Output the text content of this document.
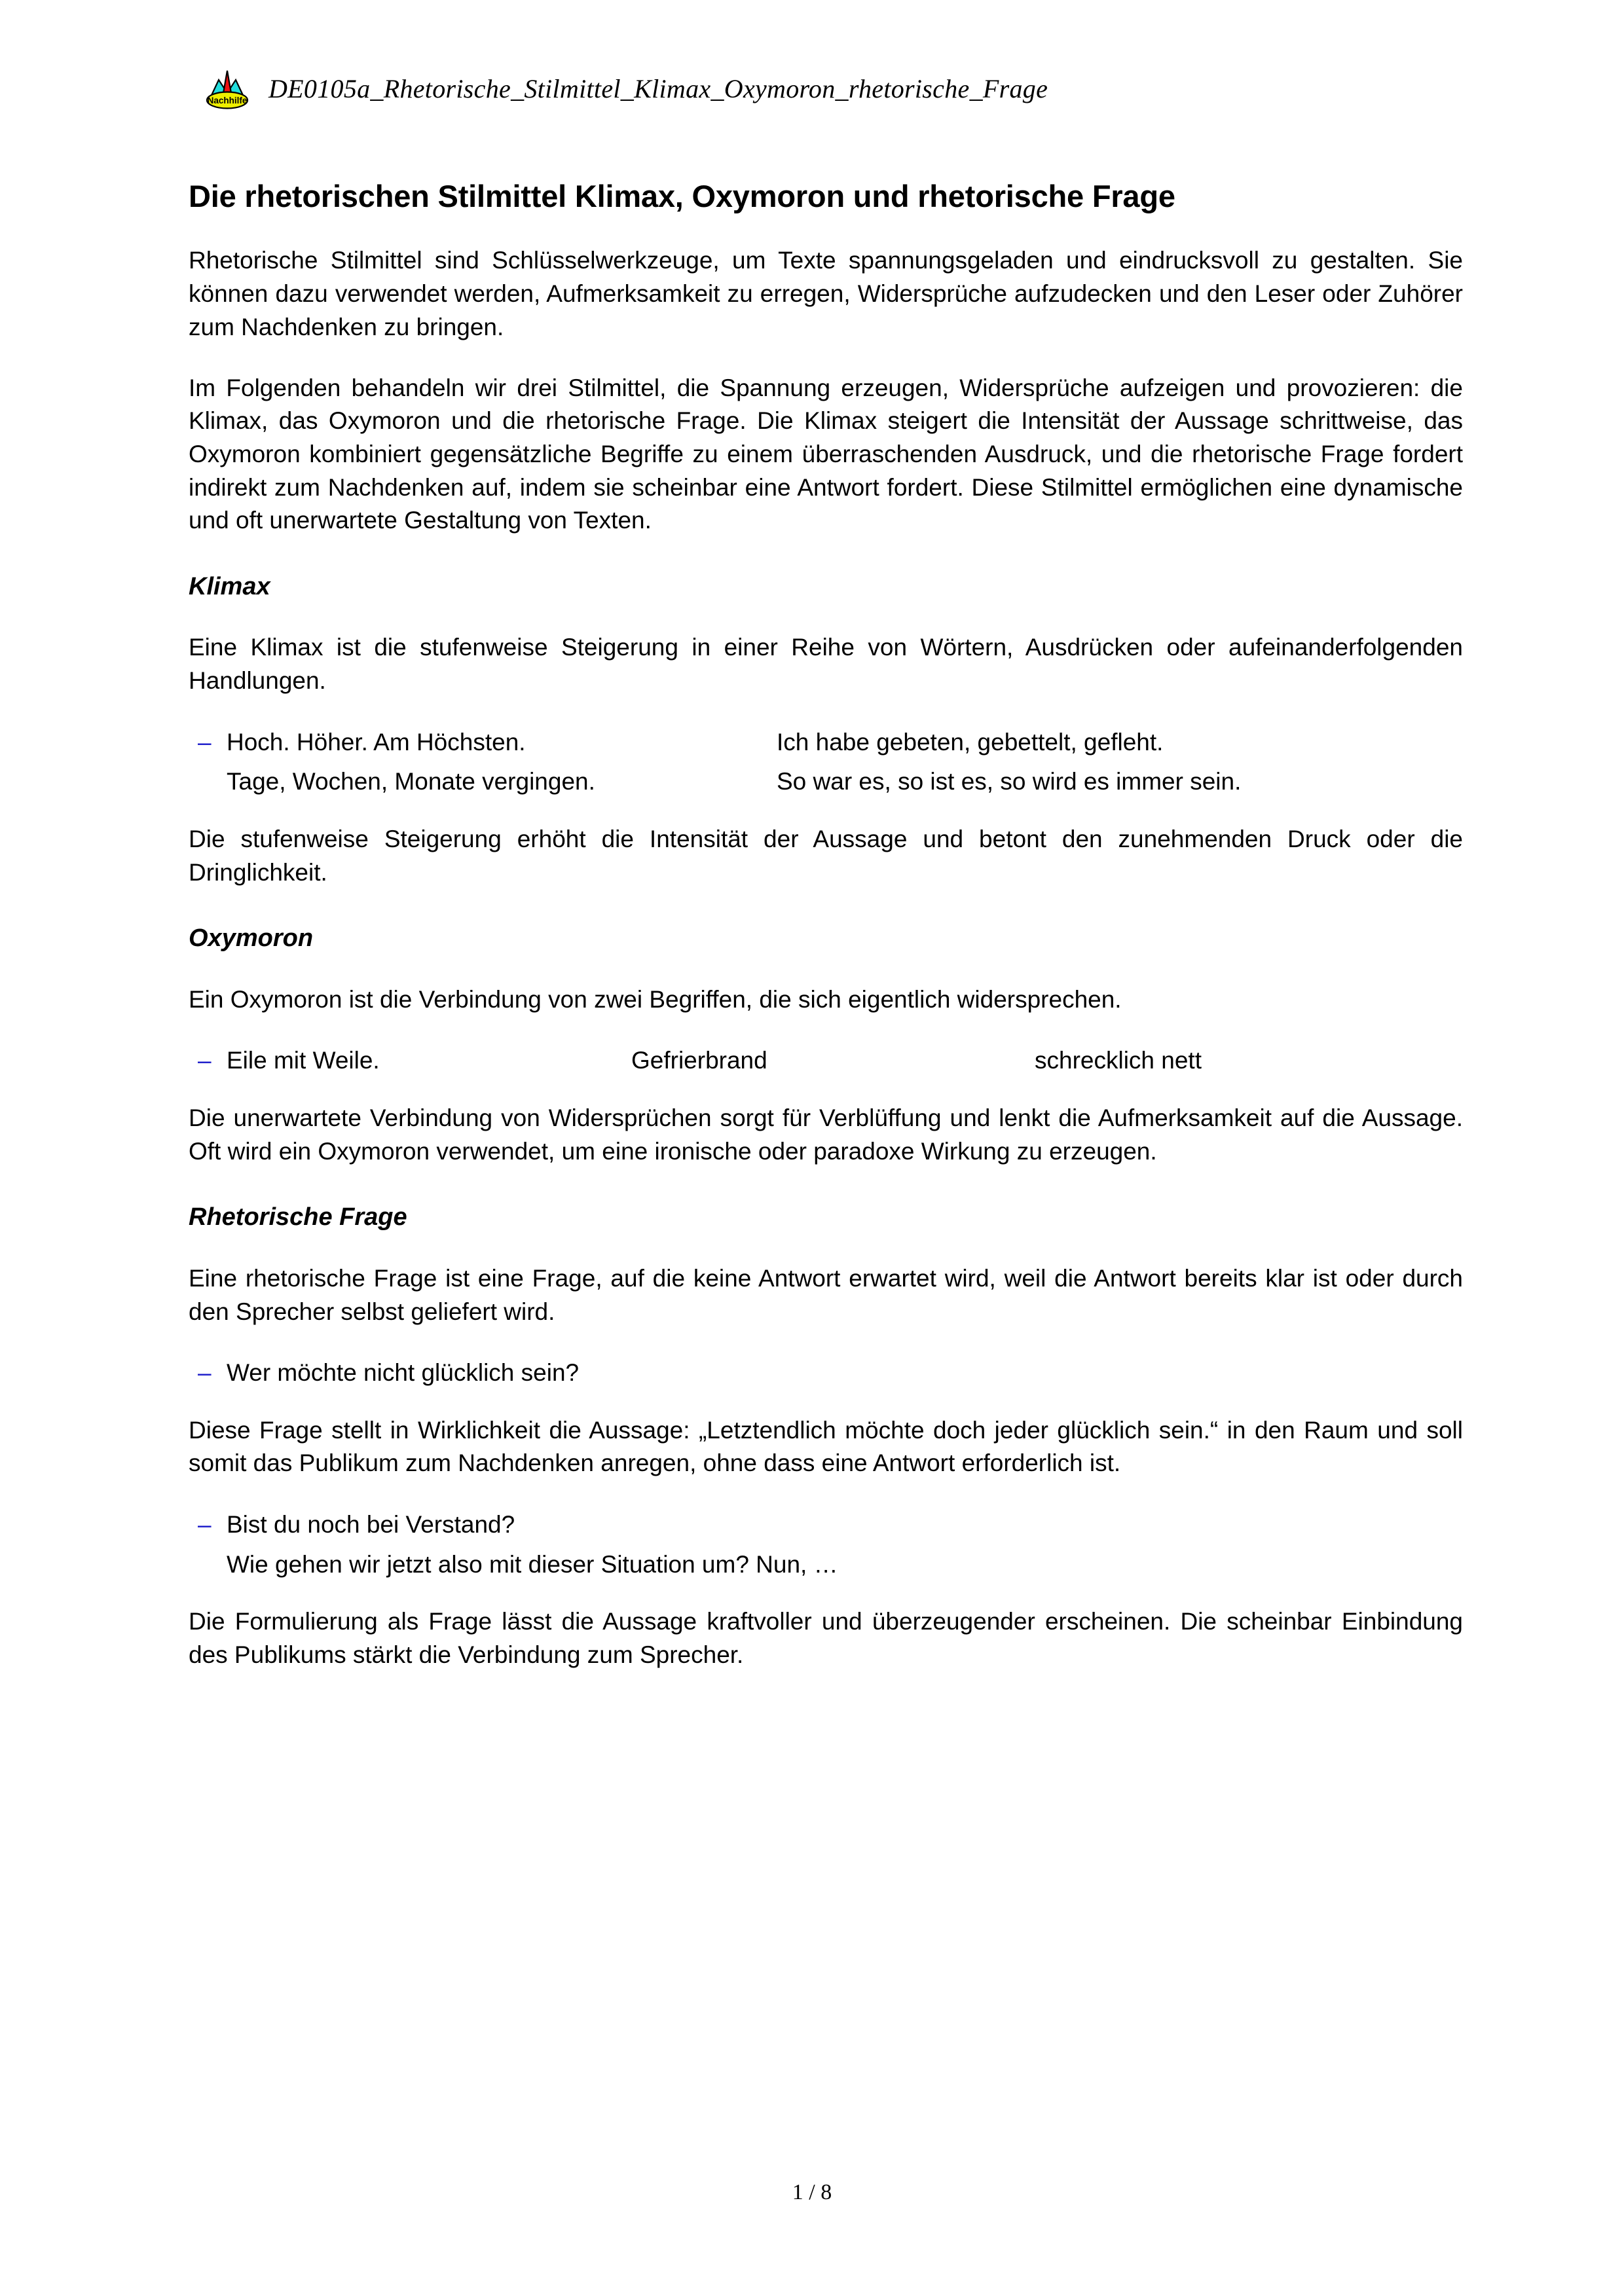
Nachhilfe DE0105a_Rhetorische_Stilmittel_Klimax_Oxymoron_rhetorische_Frage
Die rhetorischen Stilmittel Klimax, Oxymoron und rhetorische Frage

Rhetorische Stilmittel sind Schlüsselwerkzeuge, um Texte spannungsgeladen und eindrucksvoll zu gestalten. Sie können dazu verwendet werden, Aufmerksamkeit zu erregen, Widersprüche aufzudecken und den Leser oder Zuhörer zum Nachdenken zu bringen.

Im Folgenden behandeln wir drei Stilmittel, die Spannung erzeugen, Widersprüche aufzeigen und provozieren: die Klimax, das Oxymoron und die rhetorische Frage. Die Klimax steigert die Intensität der Aussage schrittweise, das Oxymoron kombiniert gegensätzliche Begriffe zu einem überraschenden Ausdruck, und die rhetorische Frage fordert indirekt zum Nachdenken auf, indem sie scheinbar eine Antwort fordert. Diese Stilmittel ermöglichen eine dynamische und oft unerwartete Gestaltung von Texten.

Klimax

Eine Klimax ist die stufenweise Steigerung in einer Reihe von Wörtern, Ausdrücken oder aufeinanderfolgenden Handlungen.

– Hoch. Höher. Am Höchsten.	Ich habe gebeten, gebettelt, gefleht.
Tage, Wochen, Monate vergingen.	So war es, so ist es, so wird es immer sein.

Die stufenweise Steigerung erhöht die Intensität der Aussage und betont den zunehmenden Druck oder die Dringlichkeit.

Oxymoron

Ein Oxymoron ist die Verbindung von zwei Begriffen, die sich eigentlich widersprechen.

– Eile mit Weile.	Gefrierbrand	schrecklich nett

Die unerwartete Verbindung von Widersprüchen sorgt für Verblüffung und lenkt die Aufmerksamkeit auf die Aussage. Oft wird ein Oxymoron verwendet, um eine ironische oder paradoxe Wirkung zu erzeugen.

Rhetorische Frage

Eine rhetorische Frage ist eine Frage, auf die keine Antwort erwartet wird, weil die Antwort bereits klar ist oder durch den Sprecher selbst geliefert wird.

– Wer möchte nicht glücklich sein?

Diese Frage stellt in Wirklichkeit die Aussage: „Letztendlich möchte doch jeder glücklich sein.“ in den Raum und soll somit das Publikum zum Nachdenken anregen, ohne dass eine Antwort erforderlich ist.

– Bist du noch bei Verstand?
Wie gehen wir jetzt also mit dieser Situation um? Nun, …

Die Formulierung als Frage lässt die Aussage kraftvoller und überzeugender erscheinen. Die scheinbar Einbindung des Publikums stärkt die Verbindung zum Sprecher.

1 / 8
